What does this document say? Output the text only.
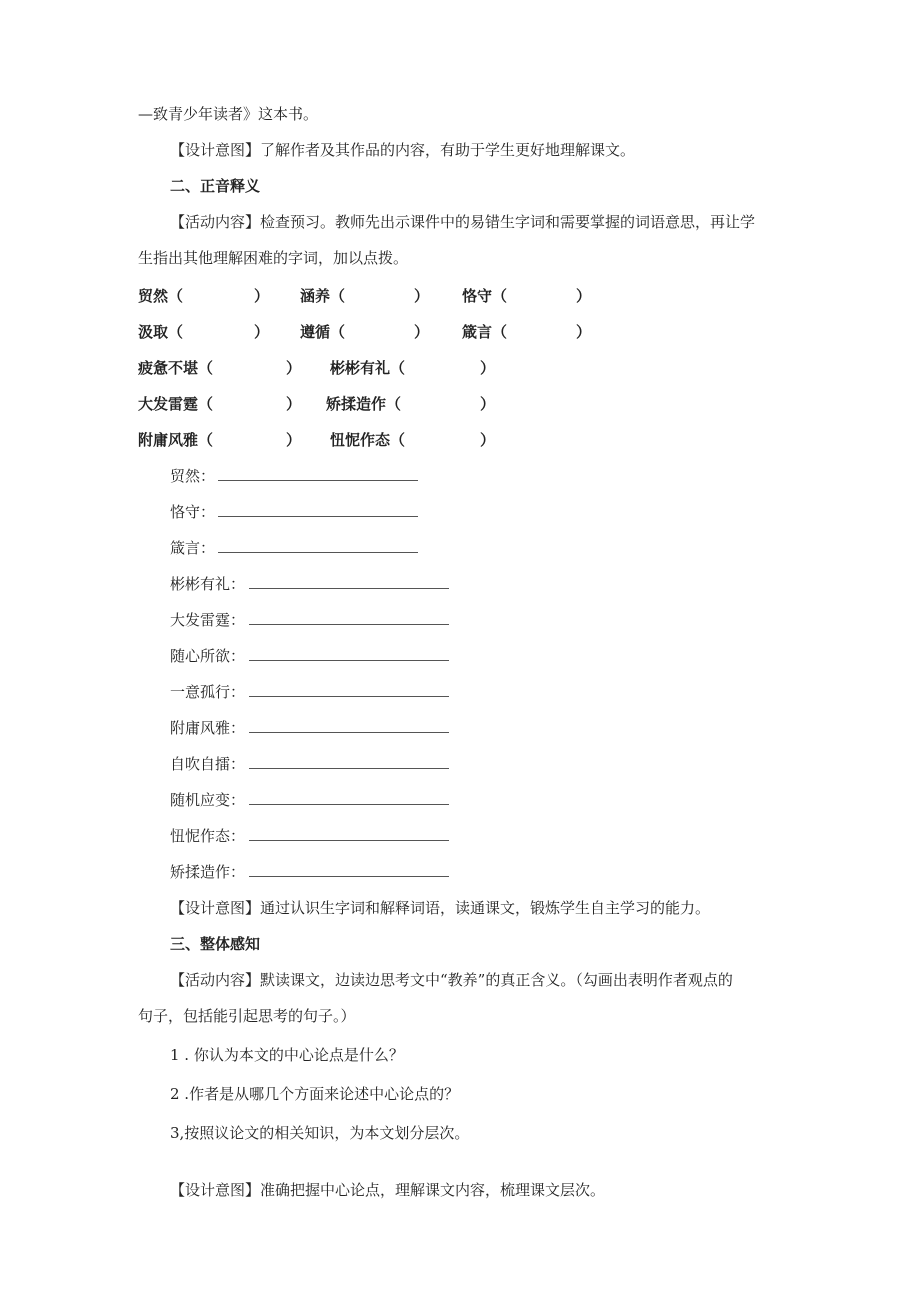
—致青少年读者》这本书。
【设计意图】了解作者及其作品的内容，有助于学生更好地理解课文。
二、正音释义
【活动内容】检查预习。教师先出示课件中的易错生字词和需要掌握的词语意思，再让学
生指出其他理解困难的字词，加以点拨。
贸然（	） 涵养（	） 恪守（	）
汲取（	） 遵循（	） 箴言（	）
疲惫不堪（	） 彬彬有礼（	）
大发雷霆（	） 矫揉造作（	）
附庸风雅（	） 忸怩作态（	）
贸然：
恪守：
箴言：
彬彬有礼：
大发雷霆：
随心所欲：
一意孤行：
附庸风雅：
自吹自擂：
随机应变：
忸怩作态：
矫揉造作：
【设计意图】通过认识生字词和解释词语，读通课文，锻炼学生自主学习的能力。
三、整体感知
【活动内容】默读课文，边读边思考文中“教养”的真正含义。（勾画出表明作者观点的
句子，包括能引起思考的句子。）
1 . 你认为本文的中心论点是什么？
2 .作者是从哪几个方面来论述中心论点的？
3,按照议论文的相关知识，为本文划分层次。
【设计意图】准确把握中心论点，理解课文内容，梳理课文层次。
